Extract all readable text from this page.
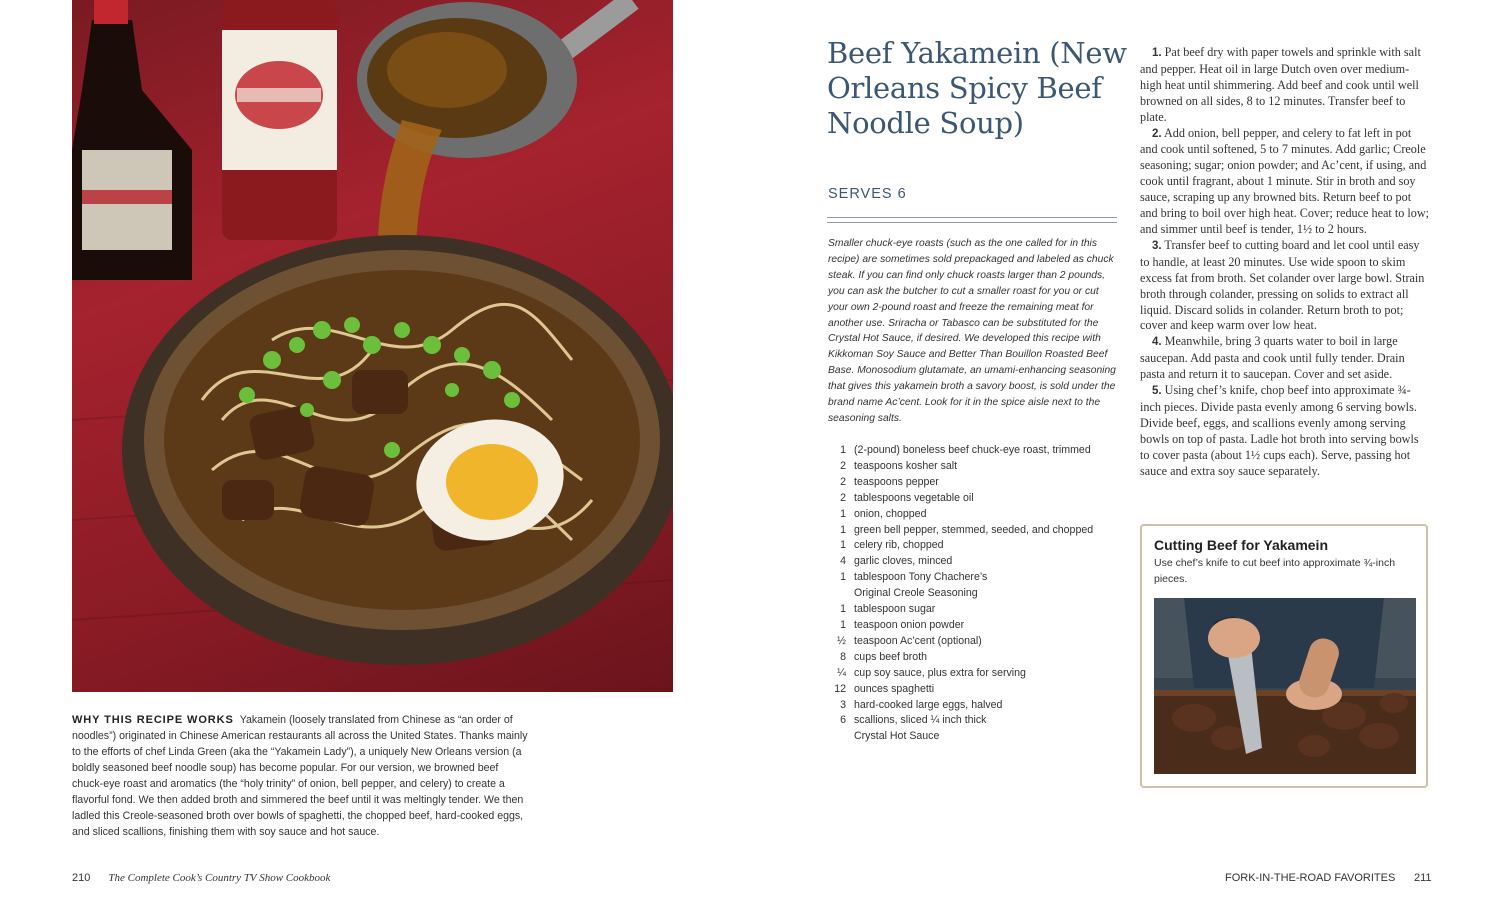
WHY THIS RECIPE WORKS Yakamein (loosely translated from Chinese as “an order of noodles”) originated in Chinese American restaurants all across the United States. Thanks mainly to the efforts of chef Linda Green (aka the “Yakamein Lady”), a uniquely New Orleans version (a boldly seasoned beef noodle soup) has become popular. For our version, we browned beef chuck-eye roast and aromatics (the “holy trinity” of onion, bell pepper, and celery) to create a flavorful fond. We then added broth and simmered the beef until it was meltingly tender. We then ladled this Creole-seasoned broth over bowls of spaghetti, the chopped beef, hard-cooked eggs, and sliced scallions, finishing them with soy sauce and hot sauce.
210 The Complete Cook’s Country TV Show Cookbook
Beef Yakamein (New Orleans Spicy Beef Noodle Soup)
SERVES 6
Smaller chuck-eye roasts (such as the one called for in this recipe) are sometimes sold prepackaged and labeled as chuck steak. If you can find only chuck roasts larger than 2 pounds, you can ask the butcher to cut a smaller roast for you or cut your own 2-pound roast and freeze the remaining meat for another use. Sriracha or Tabasco can be substituted for the Crystal Hot Sauce, if desired. We developed this recipe with Kikkoman Soy Sauce and Better Than Bouillon Roasted Beef Base. Monosodium glutamate, an umami-enhancing seasoning that gives this yakamein broth a savory boost, is sold under the brand name Ac’cent. Look for it in the spice aisle next to the seasoning salts.
1 (2-pound) boneless beef chuck-eye roast, trimmed
2 teaspoons kosher salt
2 teaspoons pepper
2 tablespoons vegetable oil
1 onion, chopped
1 green bell pepper, stemmed, seeded, and chopped
1 celery rib, chopped
4 garlic cloves, minced
1 tablespoon Tony Chachere’s
Original Creole Seasoning
1 tablespoon sugar
1 teaspoon onion powder
½ teaspoon Ac’cent (optional)
8 cups beef broth
¼ cup soy sauce, plus extra for serving
12 ounces spaghetti
3 hard-cooked large eggs, halved
6 scallions, sliced ¼ inch thick
Crystal Hot Sauce

1. Pat beef dry with paper towels and sprinkle with salt and pepper. Heat oil in large Dutch oven over medium-high heat until shimmering. Add beef and cook until well browned on all sides, 8 to 12 minutes. Transfer beef to plate.

2. Add onion, bell pepper, and celery to fat left in pot and cook until softened, 5 to 7 minutes. Add garlic; Creole seasoning; sugar; onion powder; and Ac’cent, if using, and cook until fragrant, about 1 minute. Stir in broth and soy sauce, scraping up any browned bits. Return beef to pot and bring to boil over high heat. Cover; reduce heat to low; and simmer until beef is tender, 1½ to 2 hours.

3. Transfer beef to cutting board and let cool until easy to handle, at least 20 minutes. Use wide spoon to skim excess fat from broth. Set colander over large bowl. Strain broth through colander, pressing on solids to extract all liquid. Discard solids in colander. Return broth to pot; cover and keep warm over low heat.

4. Meanwhile, bring 3 quarts water to boil in large saucepan. Add pasta and cook until fully tender. Drain pasta and return it to saucepan. Cover and set aside.

5. Using chef’s knife, chop beef into approximate ¾-inch pieces. Divide pasta evenly among 6 serving bowls. Divide beef, eggs, and scallions evenly among serving bowls on top of pasta. Ladle hot broth into serving bowls to cover pasta (about 1½ cups each). Serve, passing hot sauce and extra soy sauce separately.

Cutting Beef for Yakamein
Use chef’s knife to cut beef into approximate ¾-inch pieces.
FORK-IN-THE-ROAD FAVORITES 211
